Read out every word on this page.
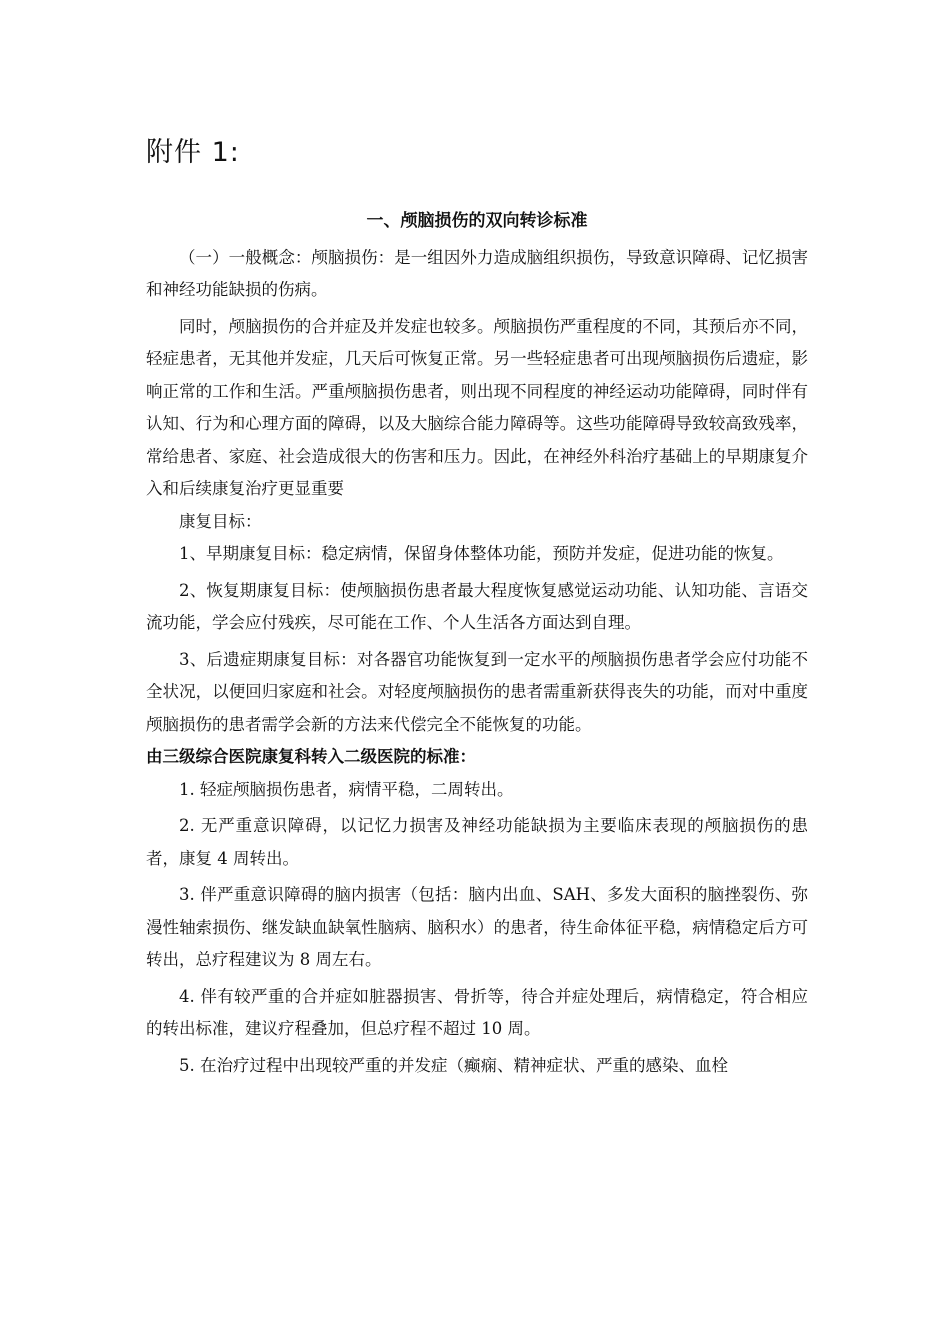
附件 1:

一、颅脑损伤的双向转诊标准

（一）一般概念：颅脑损伤：是一组因外力造成脑组织损伤，导致意识障碍、记忆损害和神经功能缺损的伤病。

同时，颅脑损伤的合并症及并发症也较多。颅脑损伤严重程度的不同，其预后亦不同，轻症患者，无其他并发症，几天后可恢复正常。另一些轻症患者可出现颅脑损伤后遗症，影响正常的工作和生活。严重颅脑损伤患者，则出现不同程度的神经运动功能障碍，同时伴有认知、行为和心理方面的障碍，以及大脑综合能力障碍等。这些功能障碍导致较高致残率，常给患者、家庭、社会造成很大的伤害和压力。因此，在神经外科治疗基础上的早期康复介入和后续康复治疗更显重要

康复目标：

1、早期康复目标：稳定病情，保留身体整体功能，预防并发症，促进功能的恢复。

2、恢复期康复目标：使颅脑损伤患者最大程度恢复感觉运动功能、认知功能、言语交流功能，学会应付残疾，尽可能在工作、个人生活各方面达到自理。

3、后遗症期康复目标：对各器官功能恢复到一定水平的颅脑损伤患者学会应付功能不全状况，以便回归家庭和社会。对轻度颅脑损伤的患者需重新获得丧失的功能，而对中重度颅脑损伤的患者需学会新的方法来代偿完全不能恢复的功能。

由三级综合医院康复科转入二级医院的标准：

1. 轻症颅脑损伤患者，病情平稳，二周转出。

2. 无严重意识障碍，以记忆力损害及神经功能缺损为主要临床表现的颅脑损伤的患者，康复 4 周转出。

3. 伴严重意识障碍的脑内损害（包括：脑内出血、SAH、多发大面积的脑挫裂伤、弥漫性轴索损伤、继发缺血缺氧性脑病、脑积水）的患者，待生命体征平稳，病情稳定后方可转出，总疗程建议为 8 周左右。

4. 伴有较严重的合并症如脏器损害、骨折等，待合并症处理后，病情稳定，符合相应的转出标准，建议疗程叠加，但总疗程不超过 10 周。

5. 在治疗过程中出现较严重的并发症（癫痫、精神症状、严重的感染、血栓
